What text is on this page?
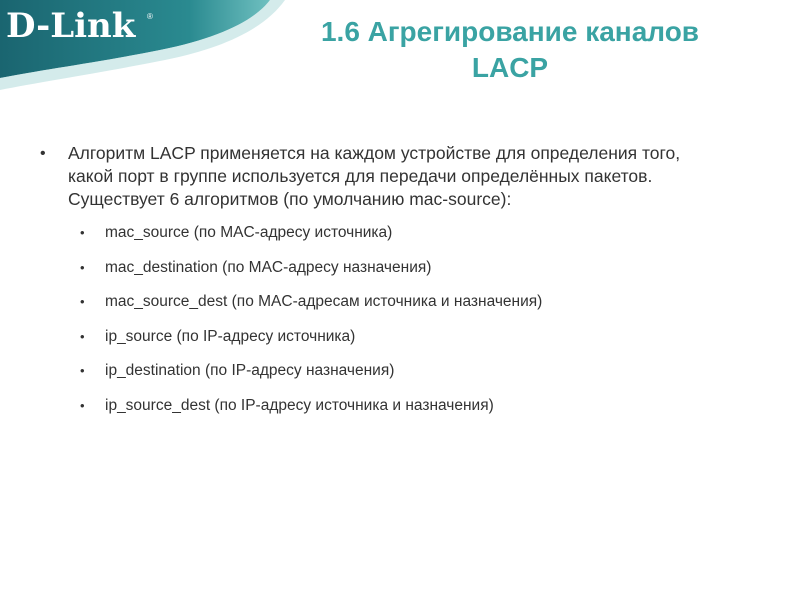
D-Link ®	1.6 Агрегирование каналов
LACP
•	Алгоритм LACP применяется на каждом устройстве для определения того, какой порт в группе используется для передачи определённых пакетов. Существует 6 алгоритмов (по умолчанию mac-source):
•	mac_source (по MAC-адресу источника)
•	mac_destination (по MAC-адресу назначения)
•	mac_source_dest (по MAC-адресам источника и назначения)
•	ip_source (по IP-адресу источника)
•	ip_destination (по IP-адресу назначения)
•	ip_source_dest (по IP-адресу источника и назначения)
